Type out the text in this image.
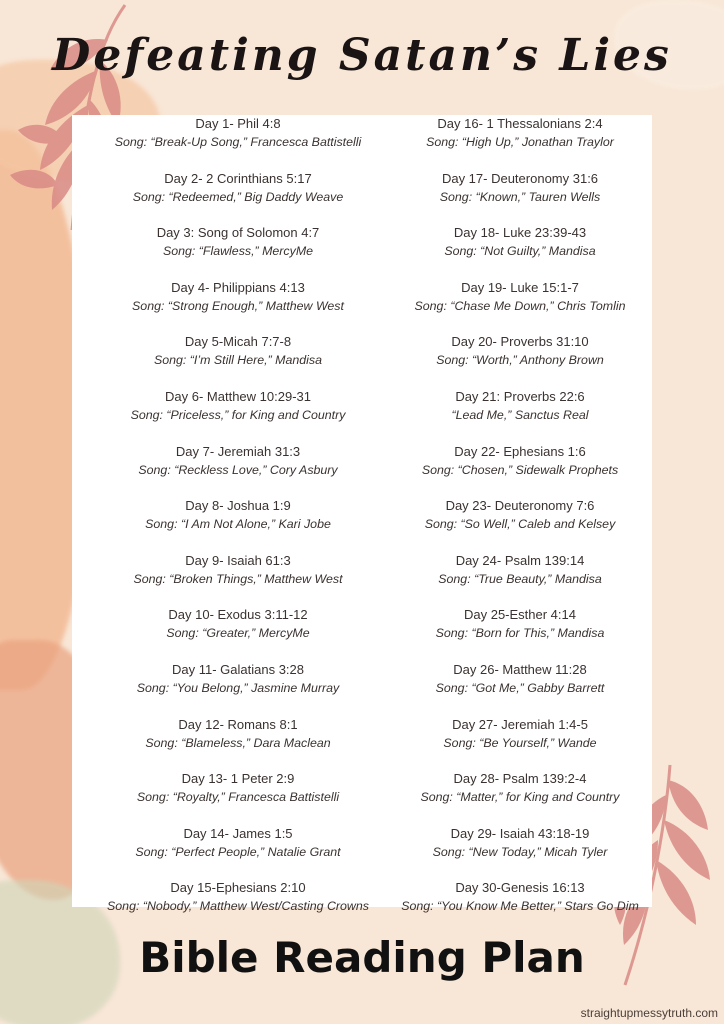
Defeating Satan’s Lies
Day 1- Phil 4:8
Song: “Break-Up Song,” Francesca Battistelli
Day 2- 2 Corinthians 5:17
Song: “Redeemed,” Big Daddy Weave
Day 3: Song of Solomon 4:7
Song: “Flawless,” MercyMe
Day 4- Philippians 4:13
Song: “Strong Enough,” Matthew West
Day 5-Micah 7:7-8
Song: “I’m Still Here,” Mandisa
Day 6- Matthew 10:29-31
Song: “Priceless,” for King and Country
Day 7- Jeremiah 31:3
Song: “Reckless Love,” Cory Asbury
Day 8- Joshua 1:9
Song: “I Am Not Alone,” Kari Jobe
Day 9- Isaiah 61:3
Song: “Broken Things,” Matthew West
Day 10- Exodus 3:11-12
Song: “Greater,” MercyMe
Day 11- Galatians 3:28
Song: “You Belong,” Jasmine Murray
Day 12- Romans 8:1
Song: “Blameless,” Dara Maclean
Day 13- 1 Peter 2:9
Song: “Royalty,” Francesca Battistelli
Day 14- James 1:5
Song: “Perfect People,” Natalie Grant
Day 15-Ephesians 2:10
Song: “Nobody,” Matthew West/Casting Crowns
Day 16- 1 Thessalonians 2:4
Song: “High Up,” Jonathan Traylor
Day 17- Deuteronomy 31:6
Song: “Known,” Tauren Wells
Day 18- Luke 23:39-43
Song: “Not Guilty,” Mandisa
Day 19- Luke 15:1-7
Song: “Chase Me Down,” Chris Tomlin
Day 20- Proverbs 31:10
Song: “Worth,” Anthony Brown
Day 21: Proverbs 22:6
“Lead Me,” Sanctus Real
Day 22- Ephesians 1:6
Song: “Chosen,” Sidewalk Prophets
Day 23- Deuteronomy 7:6
Song: “So Well,” Caleb and Kelsey
Day 24- Psalm 139:14
Song: “True Beauty,” Mandisa
Day 25-Esther 4:14
Song: “Born for This,” Mandisa
Day 26- Matthew 11:28
Song: “Got Me,” Gabby Barrett
Day 27- Jeremiah 1:4-5
Song: “Be Yourself,” Wande
Day 28- Psalm 139:2-4
Song: “Matter,” for King and Country
Day 29- Isaiah 43:18-19
Song: “New Today,” Micah Tyler
Day 30-Genesis 16:13
Song: “You Know Me Better,” Stars Go Dim
Bible Reading Plan
straightupmessytruth.com
